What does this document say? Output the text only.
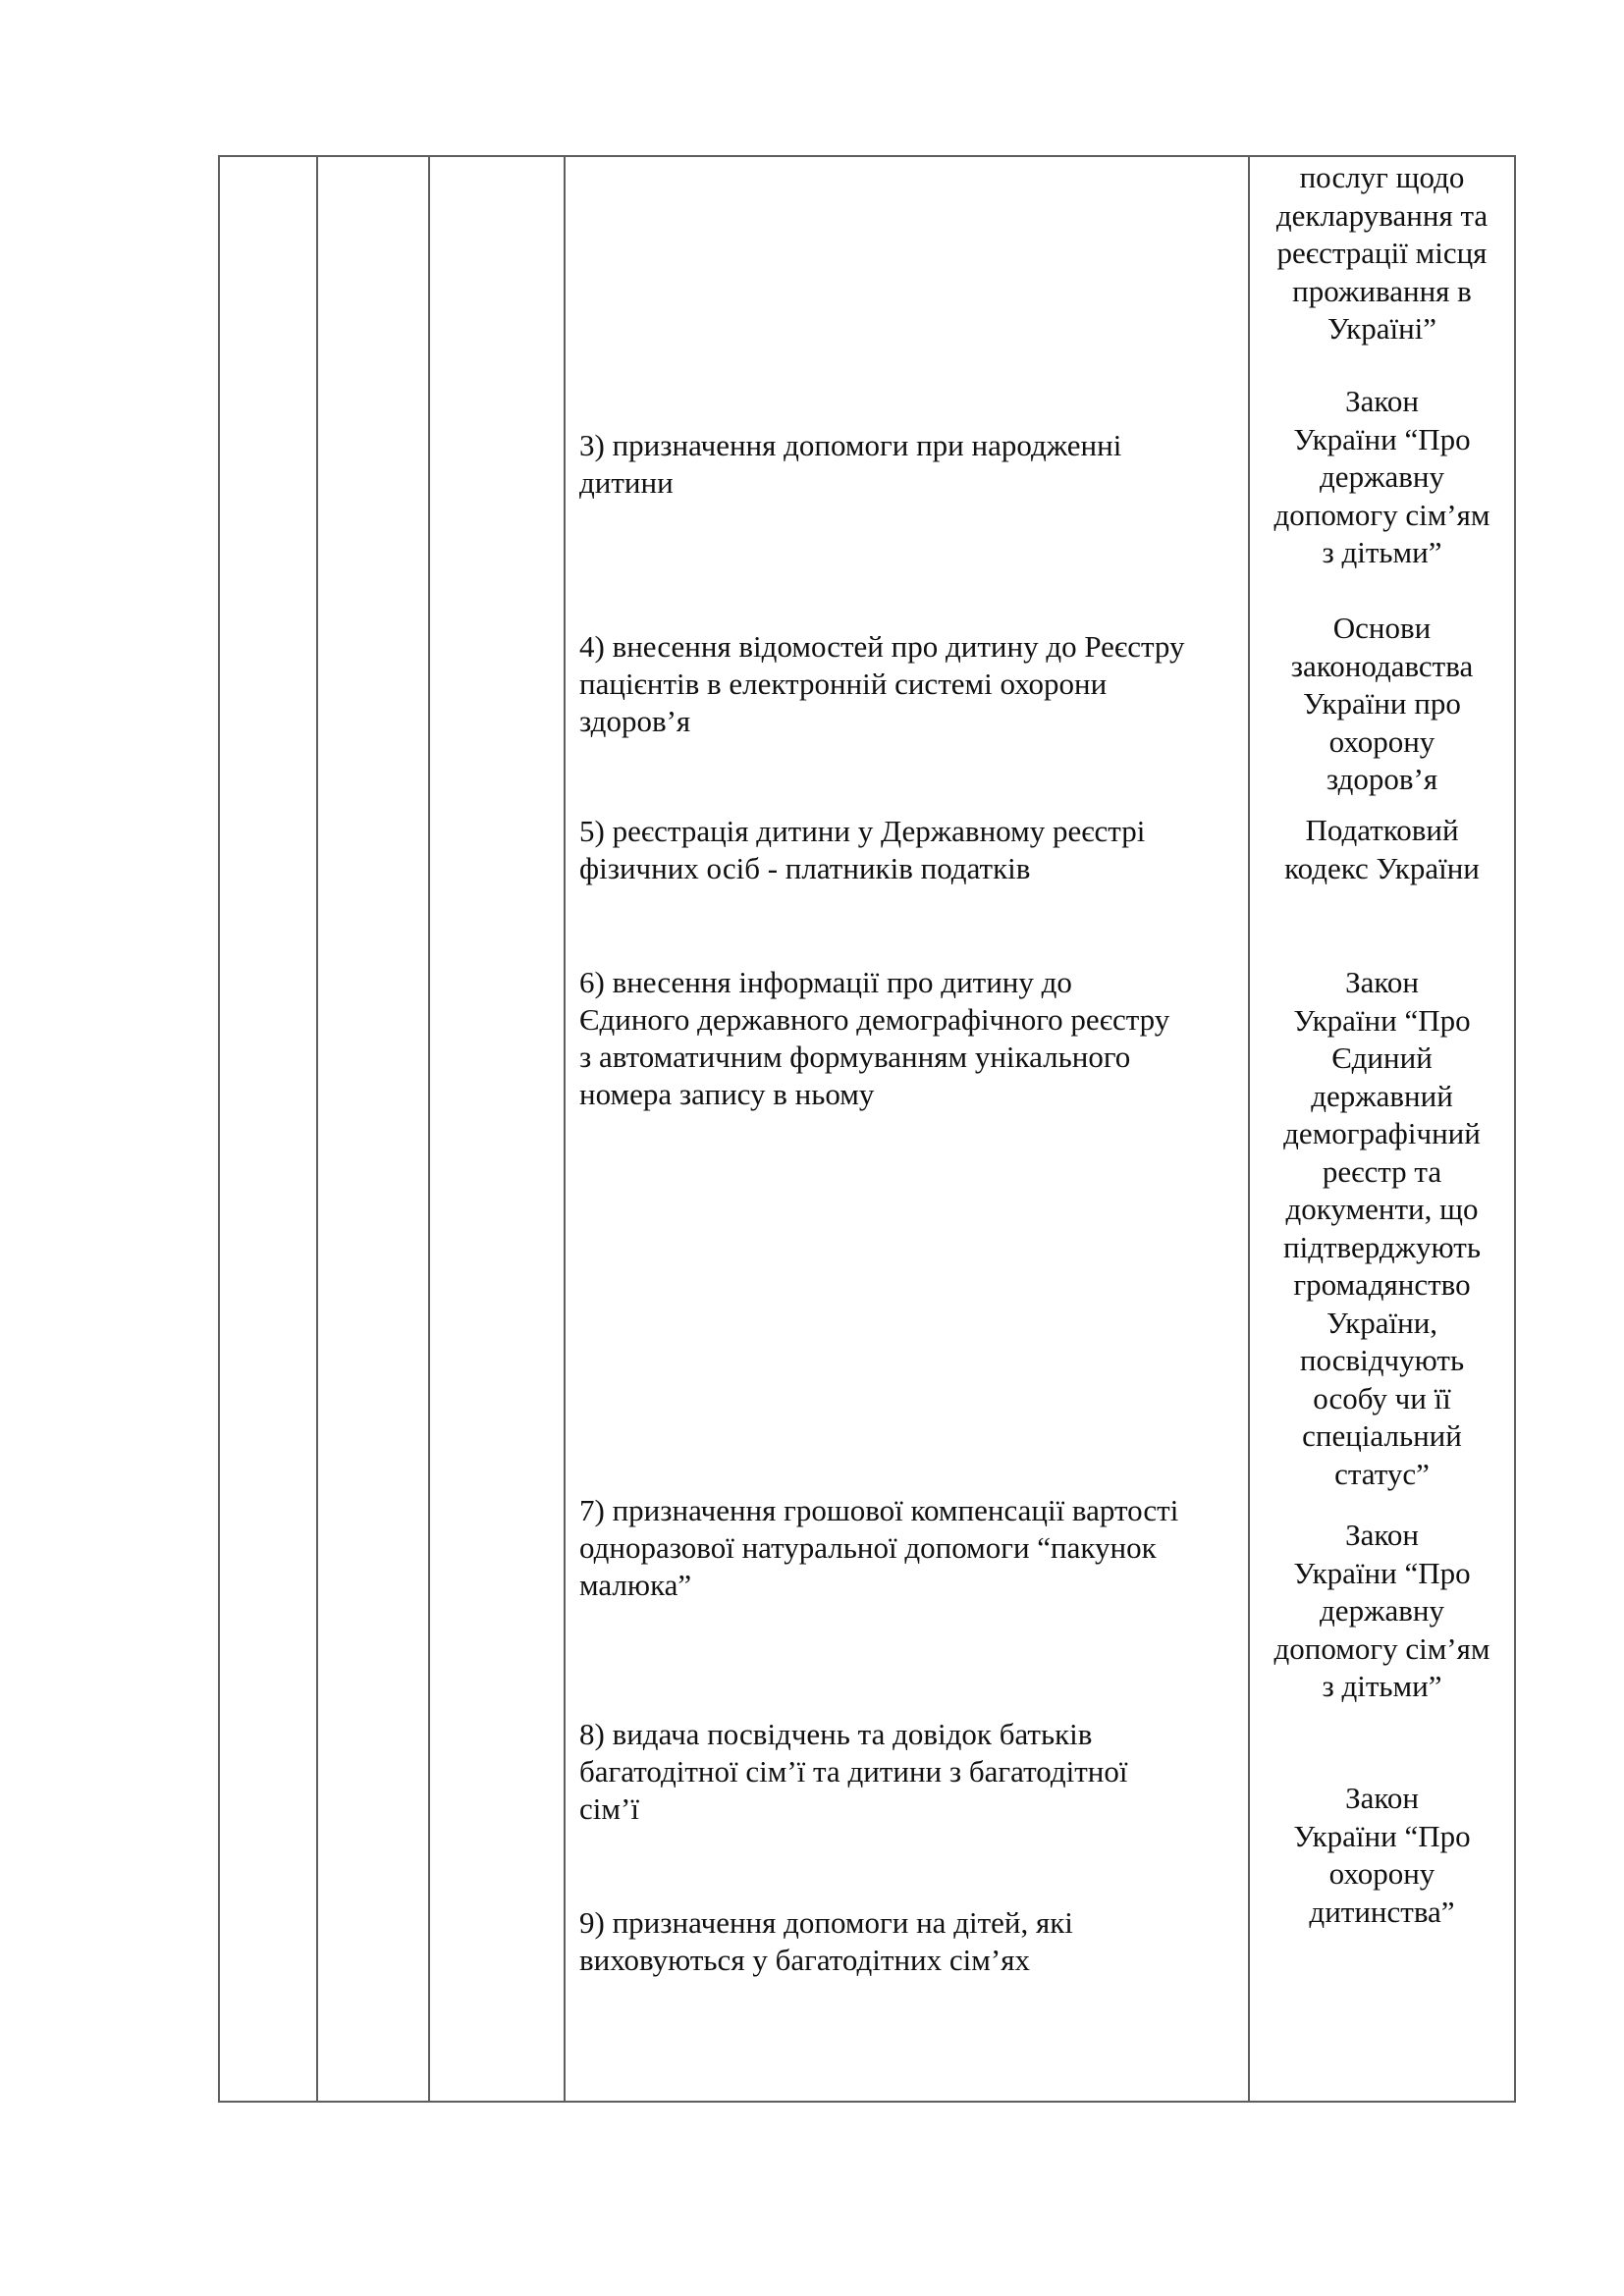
послуг щодо
декларування та
реєстрації місця
проживання в
Україні”
Закон
України “Про
державну
допомогу сім’ям
з дітьми”
Основи
законодавства
України про
охорону
здоров’я
Податковий
кодекс України
Закон
України “Про
Єдиний
державний
демографічний
реєстр та
документи, що
підтверджують
громадянство
України,
посвідчують
особу чи її
спеціальний
статус”
Закон
України “Про
державну
допомогу сім’ям
з дітьми”
Закон
України “Про
охорону
дитинства”
3) призначення допомоги при народженні
дитини
4) внесення відомостей про дитину до Реєстру
пацієнтів в електронній системі охорони
здоров’я
5) реєстрація дитини у Державному реєстрі
фізичних осіб - платників податків
6) внесення інформації про дитину до
Єдиного державного демографічного реєстру
з автоматичним формуванням унікального
номера запису в ньому
7) призначення грошової компенсації вартості
одноразової натуральної допомоги “пакунок
малюка”
8) видача посвідчень та довідок батьків
багатодітної сім’ї та дитини з багатодітної
сім’ї
9) призначення допомоги на дітей, які
виховуються у багатодітних сім’ях
